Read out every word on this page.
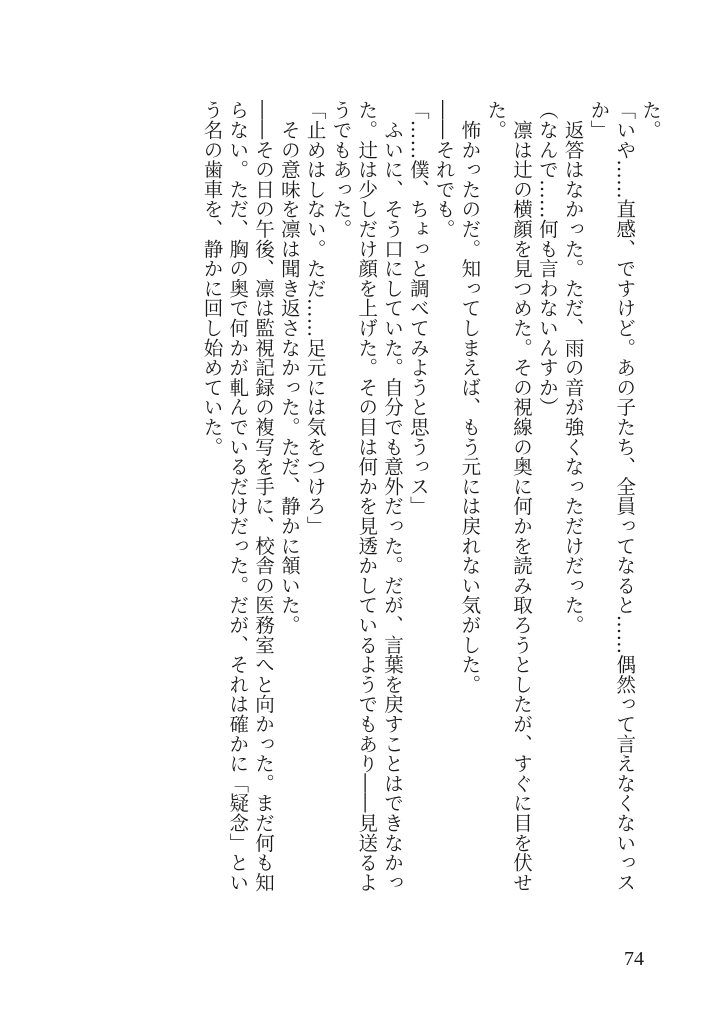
た。
「いや……直感、ですけど。あの子たち、全員ってなると……偶然って言えなくないっス
か」
　返答はなかった。ただ、雨の音が強くなっただけだった。
（なんで……何も言わないんすか）
　凛は辻の横顔を見つめた。その視線の奥に何かを読み取ろうとしたが、すぐに目を伏せ
た。
　怖かったのだ。知ってしまえば、もう元には戻れない気がした。
――それでも。
「……僕、ちょっと調べてみようと思うっス」
　ふいに、そう口にしていた。自分でも意外だった。だが、言葉を戻すことはできなかっ
た。辻は少しだけ顔を上げた。その目は何かを見透かしているようでもあり――見送るよ
うでもあった。
「止めはしない。ただ……足元には気をつけろ」
　その意味を凛は聞き返さなかった。ただ、静かに頷いた。
――その日の午後、凛は監視記録の複写を手に、校舎の医務室へと向かった。まだ何も知
らない。ただ、胸の奥で何かが軋んでいるだけだった。だが、それは確かに「疑念」とい
う名の歯車を、静かに回し始めていた。
74
